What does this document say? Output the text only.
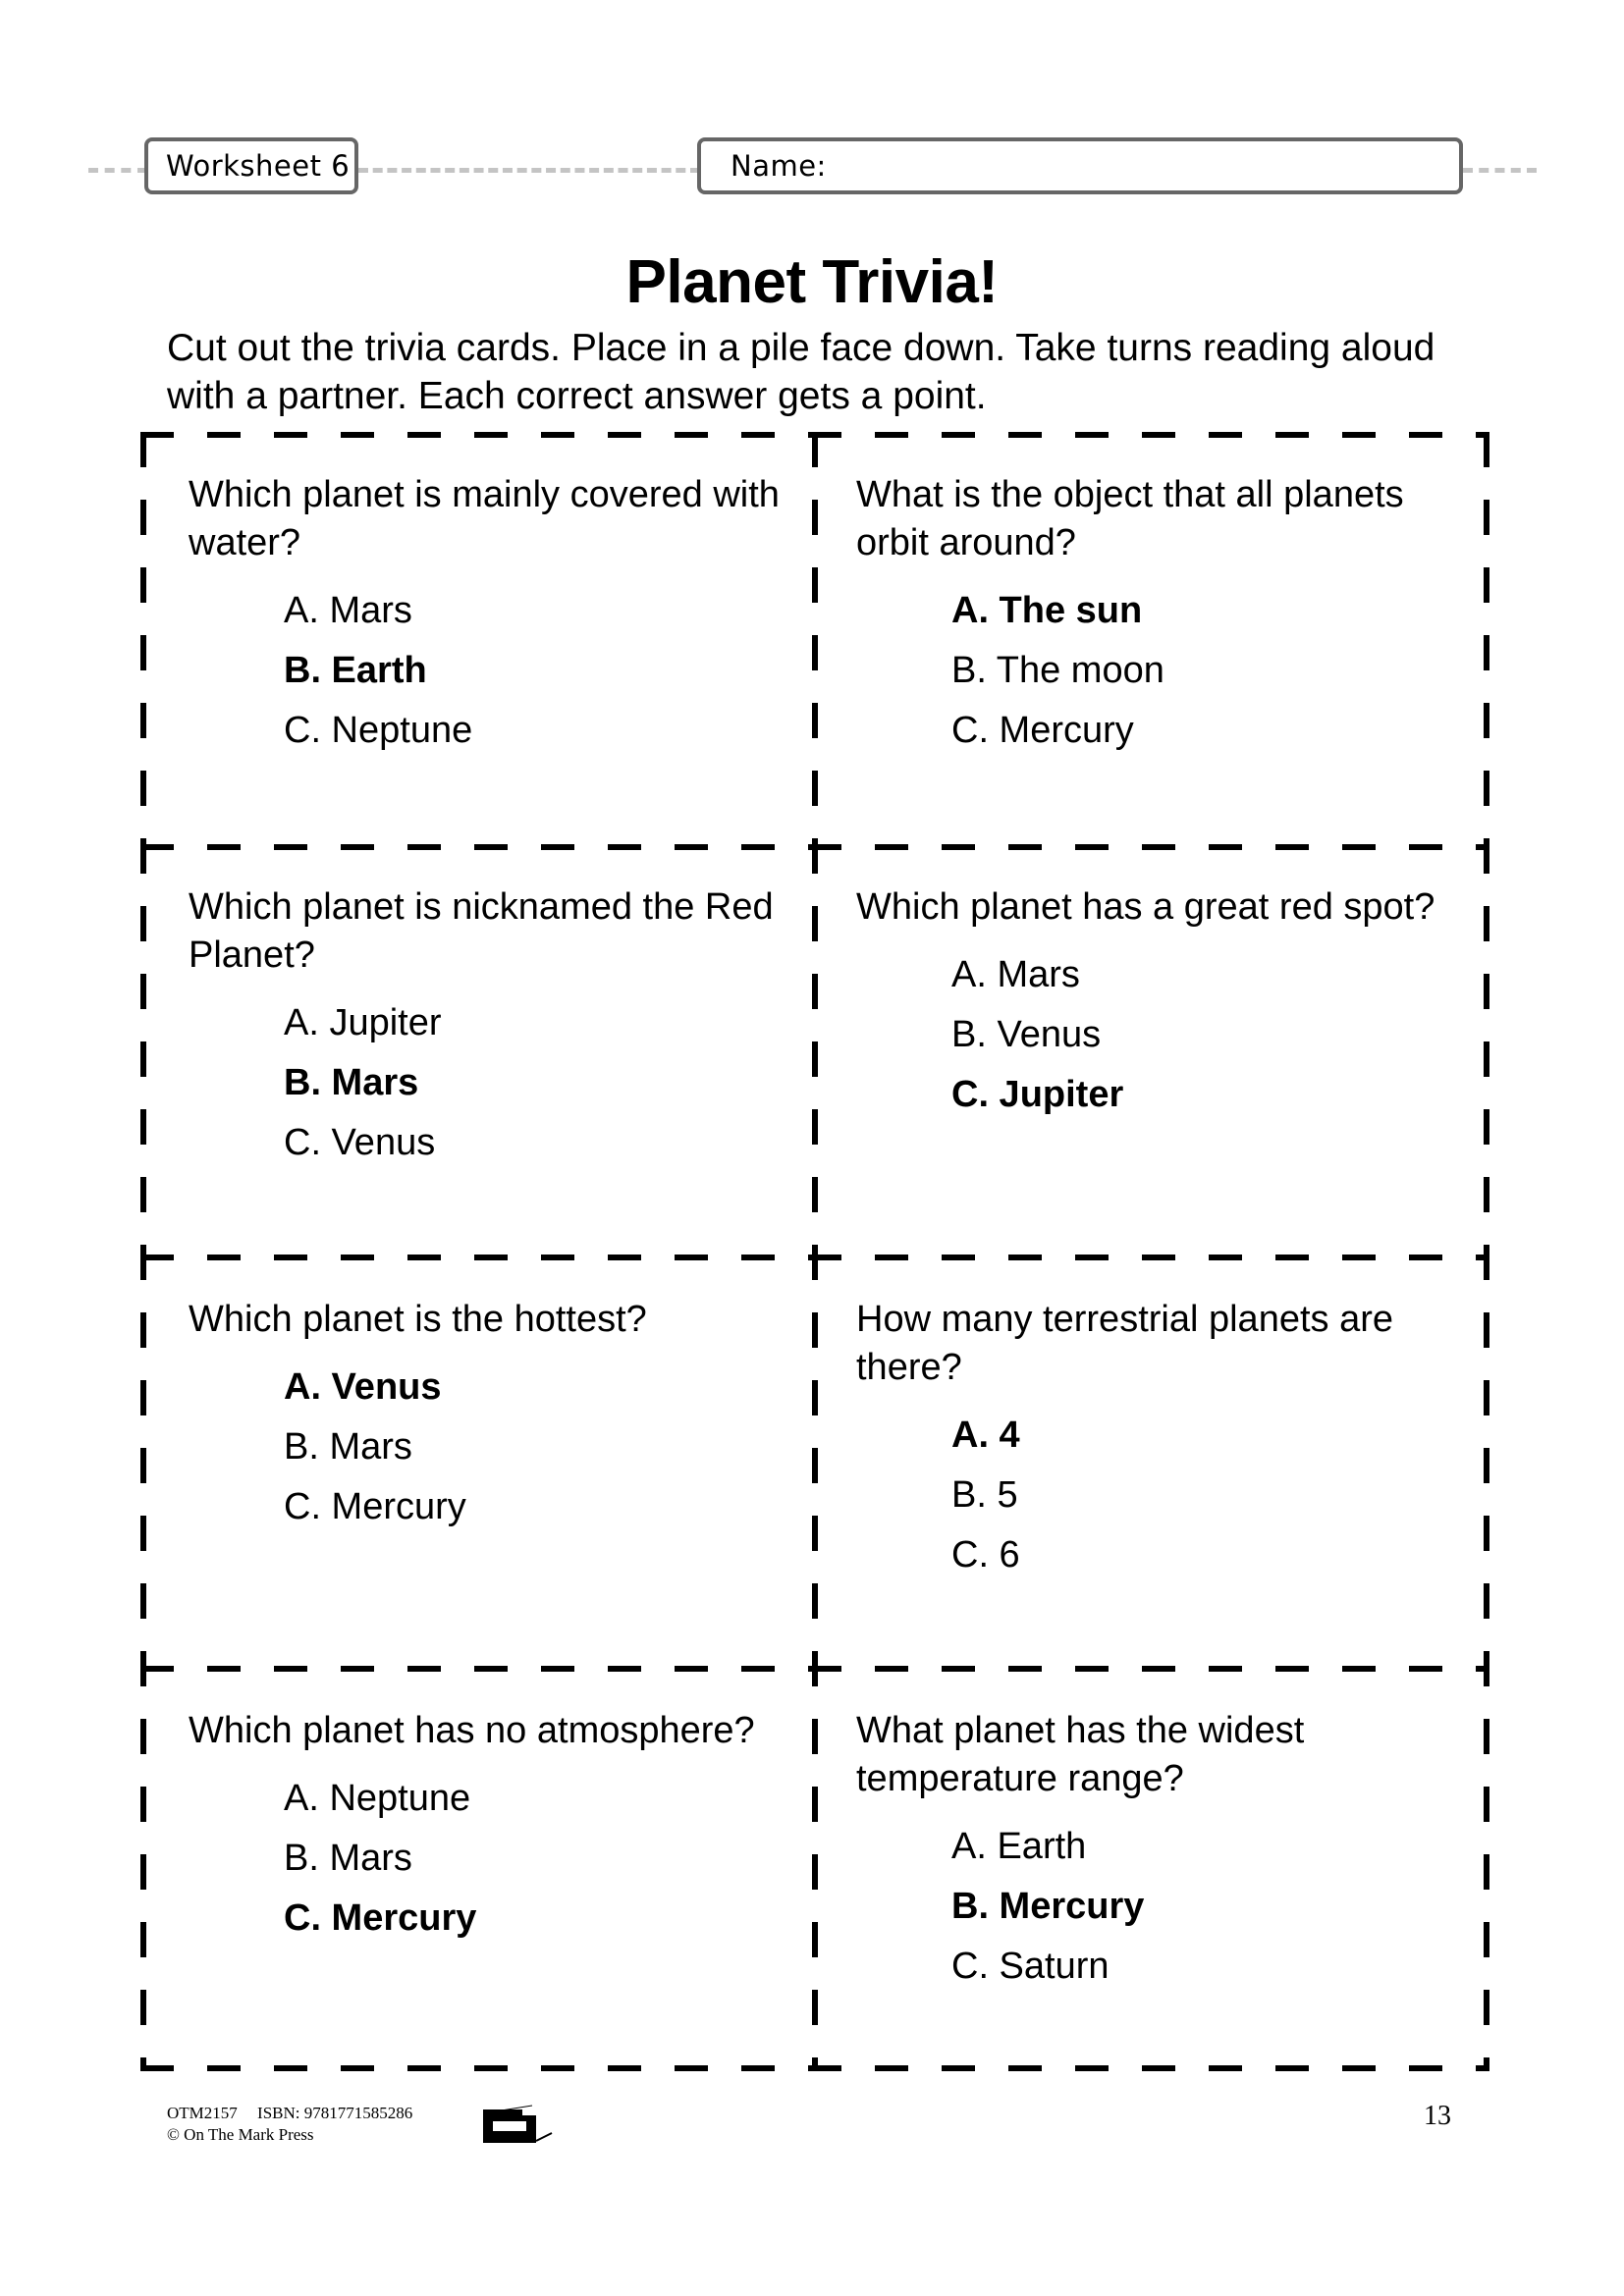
Worksheet 6	Name:
Planet Trivia!
Cut out the trivia cards. Place in a pile face down. Take turns reading aloud with a partner. Each correct answer gets a point.

Which planet is mainly covered with water?

A. Mars
B. Earth
C. Neptune

What is the object that all planets orbit around?

A. The sun
B. The moon
C. Mercury

Which planet is nicknamed the Red Planet?

A. Jupiter
B. Mars
C. Venus

Which planet has a great red spot?

A. Mars
B. Venus
C. Jupiter

Which planet is the hottest?

A. Venus
B. Mars
C. Mercury

How many terrestrial planets are there?

A. 4
B. 5
C. 6

Which planet has no atmosphere?

A. Neptune
B. Mars
C. Mercury

What planet has the widest temperature range?

A. Earth
B. Mercury
C. Saturn
OTM2157 ISBN: 9781771585286
© On The Mark Press
13
